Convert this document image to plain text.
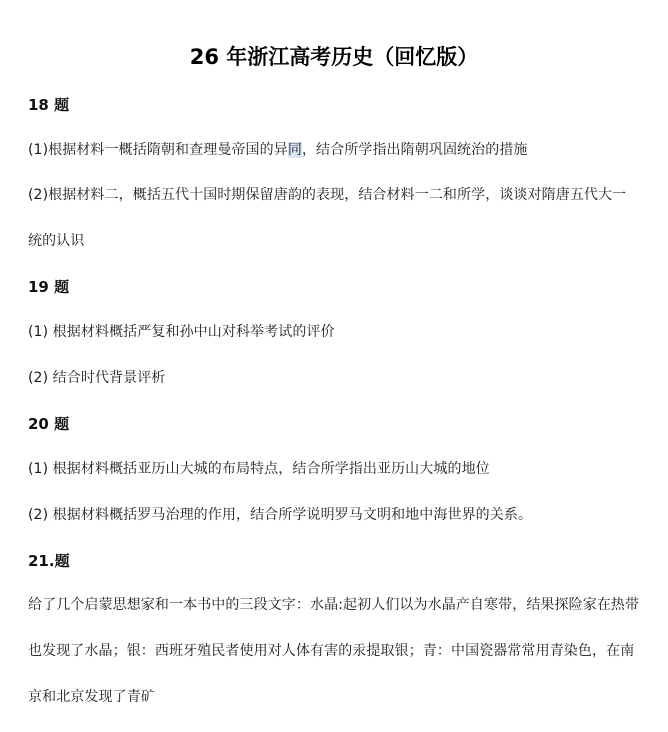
26 年浙江高考历史（回忆版）
18 题
(1)根据材料一概括隋朝和查理曼帝国的异同，结合所学指出隋朝巩固统治的措施
(2)根据材料二，概括五代十国时期保留唐韵的表现，结合材料一二和所学，谈谈对隋唐五代大一统的认识
19 题
(1) 根据材料概括严复和孙中山对科举考试的评价
(2) 结合时代背景评析
20 题
(1) 根据材料概括亚历山大城的布局特点，结合所学指出亚历山大城的地位
(2) 根据材料概括罗马治理的作用，结合所学说明罗马文明和地中海世界的关系。
21.题
给了几个启蒙思想家和一本书中的三段文字：水晶:起初人们以为水晶产自寒带，结果探险家在热带也发现了水晶；银：西班牙殖民者使用对人体有害的汞提取银；青：中国瓷器常常用青染色，在南京和北京发现了青矿
